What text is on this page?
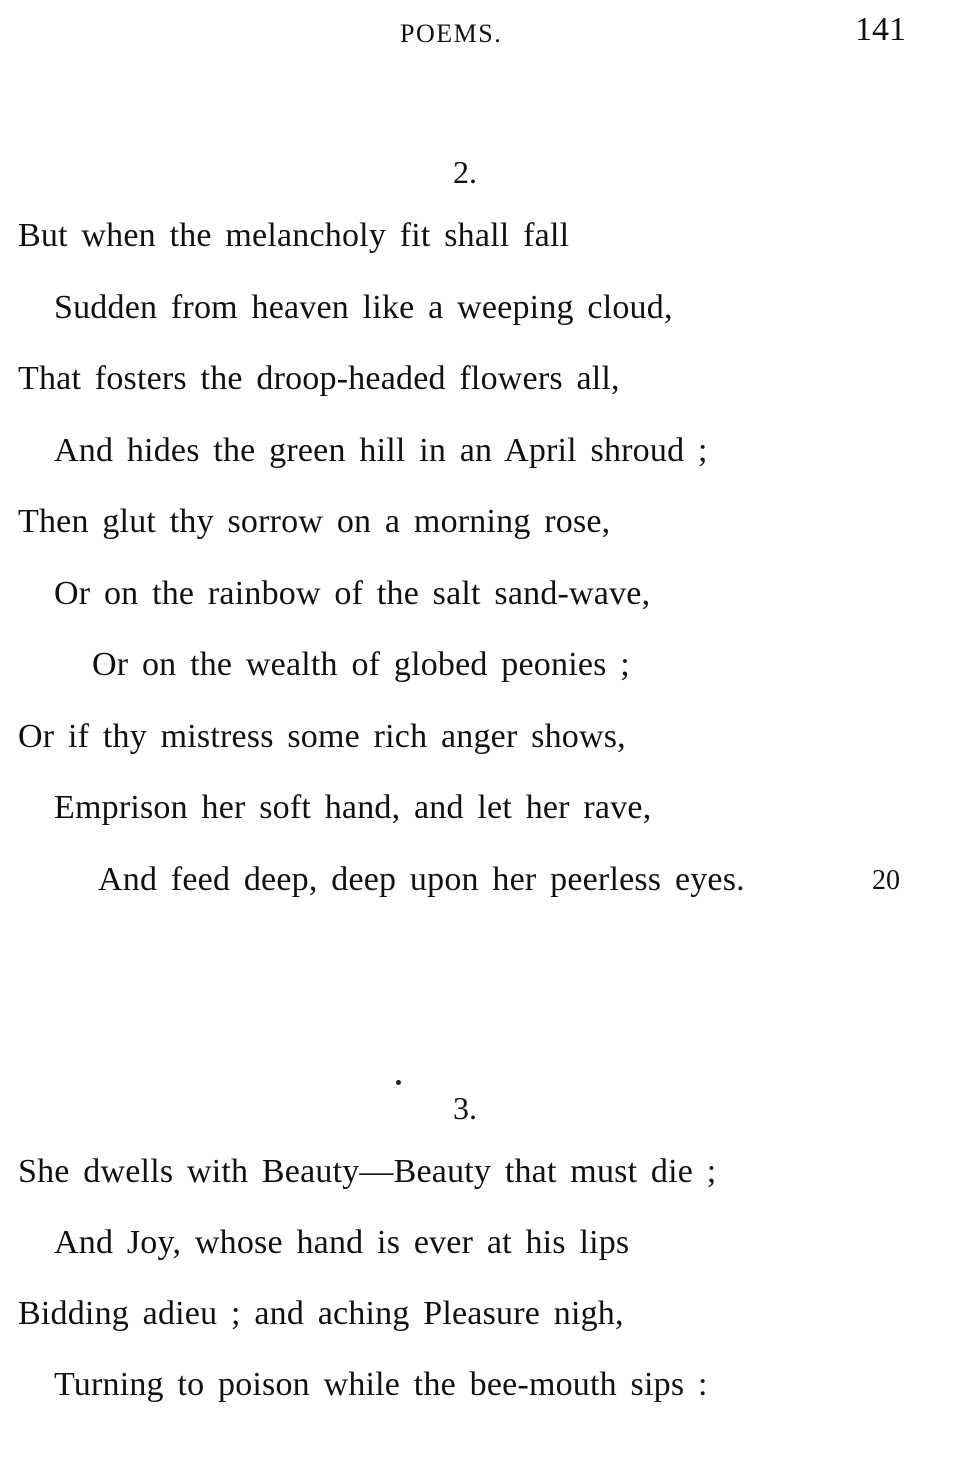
POEMS.	141
2.
But when the melancholy fit shall fall
Sudden from heaven like a weeping cloud,
That fosters the droop-headed flowers all,
And hides the green hill in an April shroud ;
Then glut thy sorrow on a morning rose,
Or on the rainbow of the salt sand-wave,
Or on the wealth of globed peonies ;
Or if thy mistress some rich anger shows,
Emprison her soft hand, and let her rave,
And feed deep, deep upon her peerless eyes.	20
3.
She dwells with Beauty—Beauty that must die ;
And Joy, whose hand is ever at his lips
Bidding adieu ; and aching Pleasure nigh,
Turning to poison while the bee-mouth sips :
